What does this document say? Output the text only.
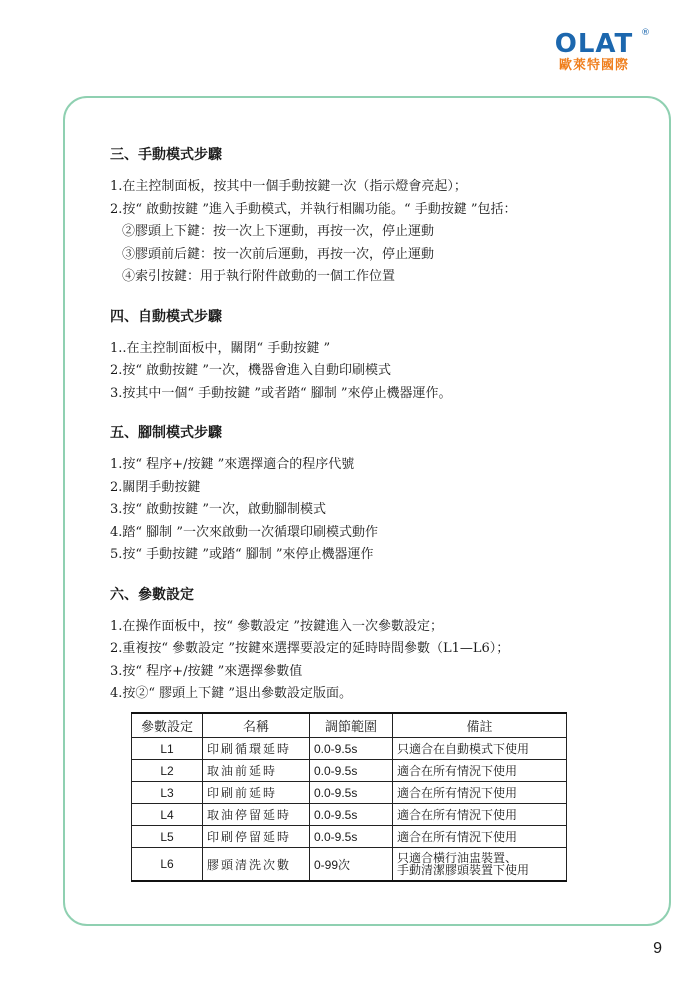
OLAT ®
歐萊特國際
三、手動模式步驟
1.在主控制面板，按其中一個手動按鍵一次（指示燈會亮起）；
2.按“ 啟動按鍵 ”進入手動模式，并執行相關功能。“ 手動按鍵 ”包括：
②膠頭上下鍵：按一次上下運動，再按一次，停止運動
③膠頭前后鍵：按一次前后運動，再按一次，停止運動
④索引按鍵：用于執行附件啟動的一個工作位置
四、自動模式步驟
1..在主控制面板中，關閉“ 手動按鍵 ”
2.按“ 啟動按鍵 ”一次，機器會進入自動印刷模式
3.按其中一個“ 手動按鍵 ”或者踏“ 腳制 ”來停止機器運作。
五、腳制模式步驟
1.按“ 程序+/按鍵 ”來選擇適合的程序代號
2.關閉手動按鍵
3.按“ 啟動按鍵 ”一次，啟動腳制模式
4.踏“ 腳制 ”一次來啟動一次循環印刷模式動作
5.按“ 手動按鍵 ”或踏“ 腳制 ”來停止機器運作
六、參數設定
1.在操作面板中，按“ 參數設定 ”按鍵進入一次參數設定；
2.重複按“ 參數設定 ”按鍵來選擇要設定的延時時間參數（L1—L6）；
3.按“ 程序+/按鍵 ”來選擇參數值
4.按②“ 膠頭上下鍵 ”退出參數設定版面。
參數設定	名稱	調節範圍	備註
L1	印刷循環延時	0.0-9.5s	只適合在自動模式下使用
L2	取油前延時	0.0-9.5s	適合在所有情況下使用
L3	印刷前延時	0.0-9.5s	適合在所有情況下使用
L4	取油停留延時	0.0-9.5s	適合在所有情況下使用
L5	印刷停留延時	0.0-9.5s	適合在所有情況下使用
L6	膠頭清洗次數	0-99次	只適合橫行油盅裝置、
手動清潔膠頭裝置下使用
9
